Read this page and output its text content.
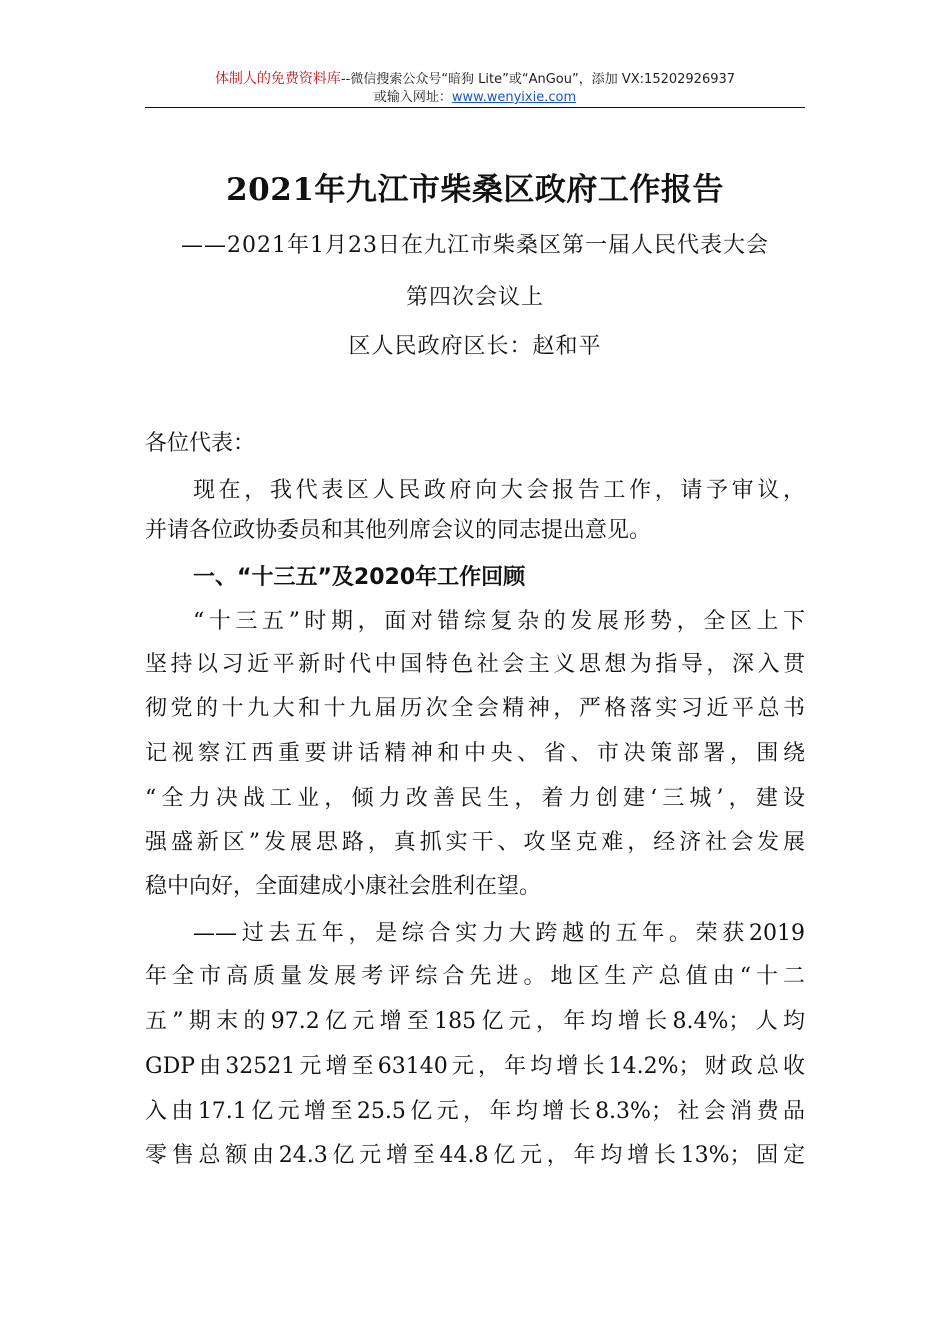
体制人的免费资料库--微信搜索公众号“暗狗 Lite”或“AnGou”，添加 VX:15202926937
或输入网址：www.wenyixie.com
2021年九江市柴桑区政府工作报告
——2021年1月23日在九江市柴桑区第一届人民代表大会
第四次会议上
区人民政府区长：赵和平
各位代表：
现在，我代表区人民政府向大会报告工作，请予审议，
并请各位政协委员和其他列席会议的同志提出意见。
一、“十三五”及2020年工作回顾
“十三五”时期，面对错综复杂的发展形势，全区上下
坚持以习近平新时代中国特色社会主义思想为指导，深入贯
彻党的十九大和十九届历次全会精神，严格落实习近平总书
记视察江西重要讲话精神和中央、省、市决策部署，围绕
“全力决战工业，倾力改善民生，着力创建‘三城’，建设
强盛新区”发展思路，真抓实干、攻坚克难，经济社会发展
稳中向好，全面建成小康社会胜利在望。
——过去五年，是综合实力大跨越的五年。荣获2019
年全市高质量发展考评综合先进。地区生产总值由“十二
五”期末的97.2亿元增至185亿元，年均增长8.4%；人均
GDP由32521元增至63140元，年均增长14.2%；财政总收
入由17.1亿元增至25.5亿元，年均增长8.3%；社会消费品
零售总额由24.3亿元增至44.8亿元，年均增长13%；固定
